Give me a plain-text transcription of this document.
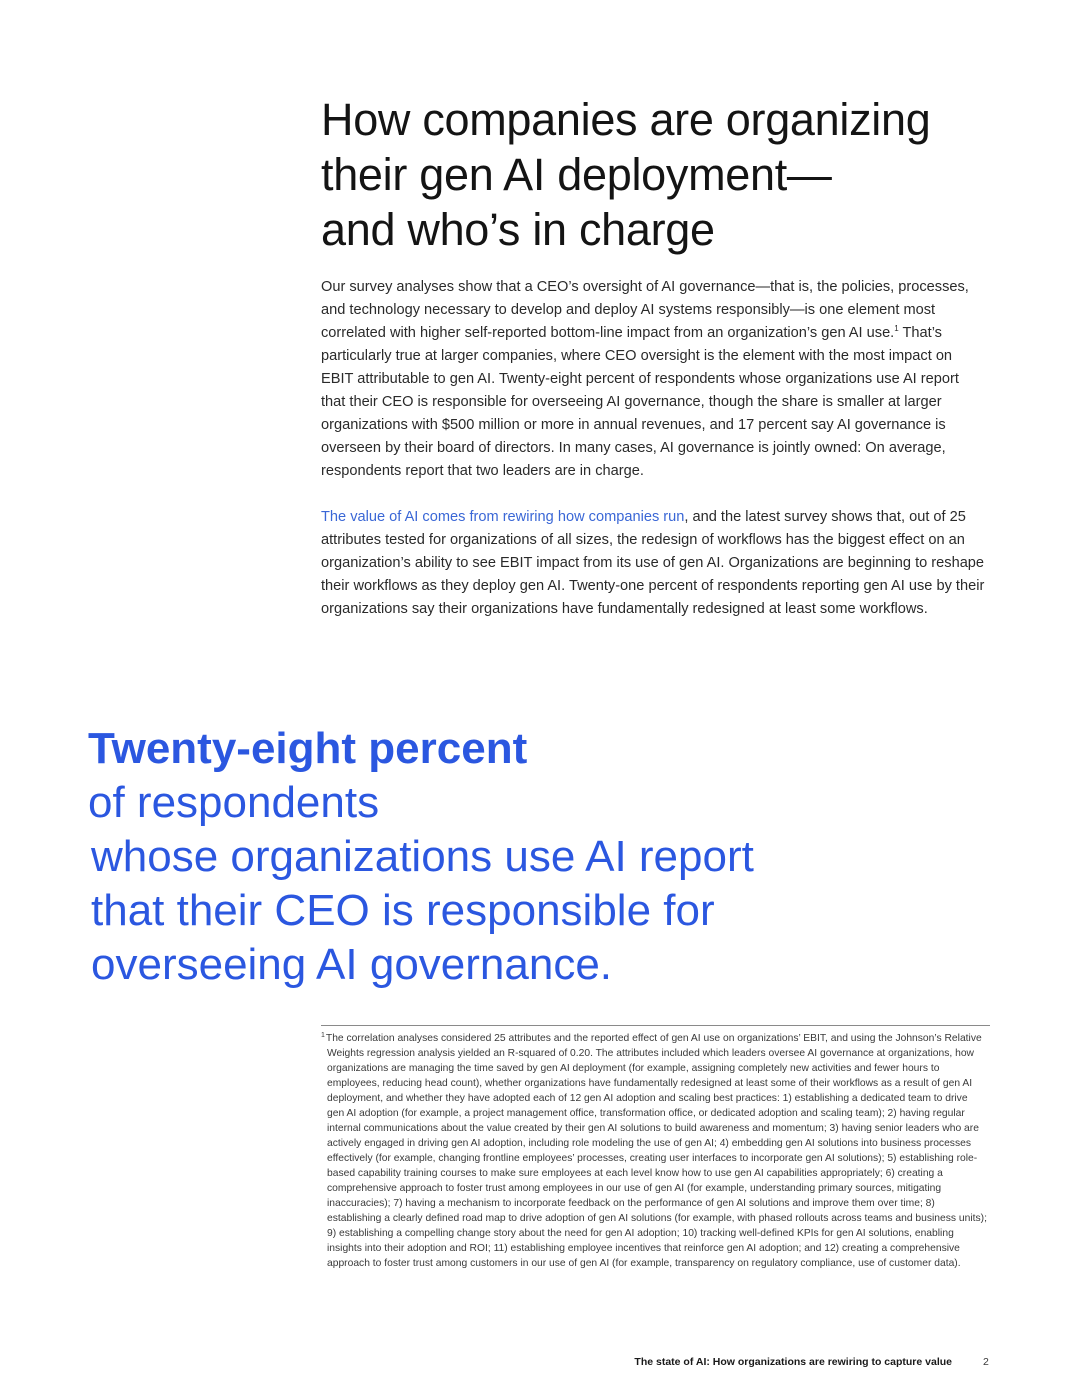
How companies are organizing
their gen AI deployment—
and who’s in charge

Our survey analyses show that a CEO’s oversight of AI governance—that is, the policies, processes, and technology necessary to develop and deploy AI systems responsibly—is one element most correlated with higher self-reported bottom-line impact from an organization’s gen AI use.$^1$ That’s particularly true at larger companies, where CEO oversight is the element with the most impact on EBIT attributable to gen AI. Twenty-eight percent of respondents whose organizations use AI report that their CEO is responsible for overseeing AI governance, though the share is smaller at larger organizations with $500 million or more in annual revenues, and 17 percent say AI governance is overseen by their board of directors. In many cases, AI governance is jointly owned: On average, respondents report that two leaders are in charge.

The value of AI comes from rewiring how companies run, and the latest survey shows that, out of 25 attributes tested for organizations of all sizes, the redesign of workflows has the biggest effect on an organization’s ability to see EBIT impact from its use of gen AI. Organizations are beginning to reshape their workflows as they deploy gen AI. Twenty-one percent of respondents reporting gen AI use by their organizations say their organizations have fundamentally redesigned at least some workflows.

Twenty-eight percent
of respondents
whose organizations use AI report
that their CEO is responsible for
overseeing AI governance.

$^1$The correlation analyses considered 25 attributes and the reported effect of gen AI use on organizations’ EBIT, and using the Johnson’s Relative Weights regression analysis yielded an R-squared of 0.20. The attributes included which leaders oversee AI governance at organizations, how organizations are managing the time saved by gen AI deployment (for example, assigning completely new activities and fewer hours to employees, reducing head count), whether organizations have fundamentally redesigned at least some of their workflows as a result of gen AI deployment, and whether they have adopted each of 12 gen AI adoption and scaling best practices: 1) establishing a dedicated team to drive gen AI adoption (for example, a project management office, transformation office, or dedicated adoption and scaling team); 2) having regular internal communications about the value created by their gen AI solutions to build awareness and momentum; 3) having senior leaders who are actively engaged in driving gen AI adoption, including role modeling the use of gen AI; 4) embedding gen AI solutions into business processes effectively (for example, changing frontline employees’ processes, creating user interfaces to incorporate gen AI solutions); 5) establishing role-based capability training courses to make sure employees at each level know how to use gen AI capabilities appropriately; 6) creating a comprehensive approach to foster trust among employees in our use of gen AI (for example, understanding primary sources, mitigating inaccuracies); 7) having a mechanism to incorporate feedback on the performance of gen AI solutions and improve them over time; 8) establishing a clearly defined road map to drive adoption of gen AI solutions (for example, with phased rollouts across teams and business units); 9) establishing a compelling change story about the need for gen AI adoption; 10) tracking well-defined KPIs for gen AI solutions, enabling insights into their adoption and ROI; 11) establishing employee incentives that reinforce gen AI adoption; and 12) creating a comprehensive approach to foster trust among customers in our use of gen AI (for example, transparency on regulatory compliance, use of customer data).

The state of AI: How organizations are rewiring to capture value	2
